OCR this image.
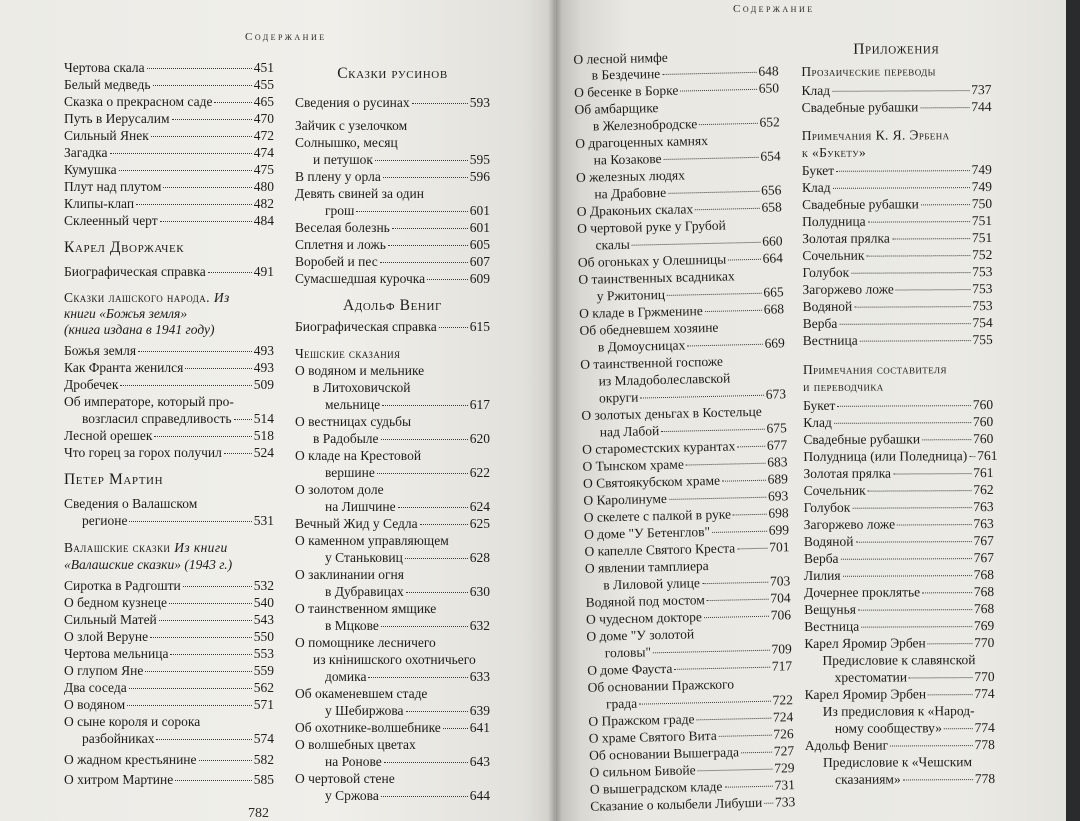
Содержание
Чертова скала	451
Белый медведь	455
Сказка о прекрасном саде	465
Путь в Иерусалим	470
Сильный Янек	472
Загадка	474
Кумушка	475
Плут над плутом	480
Клипы-клап	482
Склеенный черт	484
Карел Дворжачек
Биографическая справка	491
Сказки лашского народа. Из
книги «Божья земля»
(книга издана в 1941 году)
Божья земля	493
Как Франта женился	493
Дробечек	509
Об императоре, который про-
возгласил справедливость 514
Лесной орешек	518
Что горец за горох получил 524
Петер Мартин
Сведения о Валашском
регионе	531
Валашские сказки Из книги
«Валашские сказки» (1943 г.)
Сиротка в Радгошти	532
О бедном кузнеце	540
Сильный Матей	543
О злой Веруне	550
Чертова мельница	553
О глупом Яне	559
Два соседа	562
О водяном	571
О сыне короля и сорока
разбойниках	574
О жадном крестьянине	582
О хитром Мартине	585
Сказки русинов
Сведения о русинах	593
Зайчик с узелочком
Солнышко, месяц
и петушок	595
В плену у орла	596
Девять свиней за один
грош	601
Веселая болезнь	601
Сплетня и ложь	605
Воробей и пес	607
Сумасшедшая курочка	609
Адольф Вениг
Биографическая справка 615
Чешские сказания
О водяном и мельнике
в Литоховичской
мельнице	617
О вестницах судьбы
в Радобыле	620
О кладе на Крестовой
вершине	622
О золотом доле
на Лишчине	624
Вечный Жид у Седла	625
О каменном управляющем
у Станьковиц	628
О заклинании огня
в Дубравицах	630
О таинственном ямщике
в Мцкове	632
О помощнике лесничего
из кнінишского охотничьего
домика	633
Об окаменевшем стаде
у Шебиржова	639
Об охотнике-волшебнике 641
О волшебных цветах
на Ронове	643
О чертовой стене
у Сржова	644
782
Содержание
О лесной нимфе
в Бездечине	648
О бесенке в Борке	650
Об амбарщике
в Железнобродске	652
О драгоценных камнях
на Козакове	654
О железных людях
на Драбовне	656
О Драконьих скалах	658
О чертовой руке у Грубой
скалы	660
Об огоньках у Олешницы	664
О таинственных всадниках
у Ржитониц	665
О кладе в Гржменине	668
Об обедневшем хозяине
в Домоусницах	669
О таинственной госпоже
из Младоболеславской
округи	673
О золотых деньгах в Костельце
над Лабой	675
О староместских курантах 677
О Тынском храме	683
О Святоякубском храме	689
О Каролинуме	693
О скелете с палкой в руке	698
О доме "У Бетенглов"	699
О капелле Святого Креста 701
О явлении тамплиера
в Лиловой улице	703
Водяной под мостом	704
О чудесном докторе	706
О доме "У золотой
головы"	709
О доме Фауста	717
Об основании Пражского
града	722
О Пражском граде	724
О храме Святого Вита	726
Об основании Вышеграда	727
О сильном Бивойе	729
О вышеградском кладе	731
Сказание о колыбели Либуши 733
Приложения
Прозаические переводы
Клад	737
Свадебные рубашки	744
Примечания К. Я. Эрбена
к «Букету»
Букет	749
Клад	749
Свадебные рубашки	750
Полудница	751
Золотая прялка	751
Сочельник	752
Голубок	753
Загоржево ложе	753
Водяной	753
Верба	754
Вестница	755
Примечания составителя
и переводчика
Букет	760
Клад	760
Свадебные рубашки	760
Полудница (или Поледница) 761
Золотая прялка	761
Сочельник	762
Голубок	763
Загоржево ложе	763
Водяной	767
Верба	767
Лилия	768
Дочернее проклятье	768
Вещунья	768
Вестница	769
Карел Яромир Эрбен	770
Предисловие к славянской
хрестоматии	770
Карел Яромир Эрбен	774
Из предисловия к «Народ-
ному сообществу» 774
Адольф Вениг	778
Предисловие к «Чешским
сказаниям»	778
